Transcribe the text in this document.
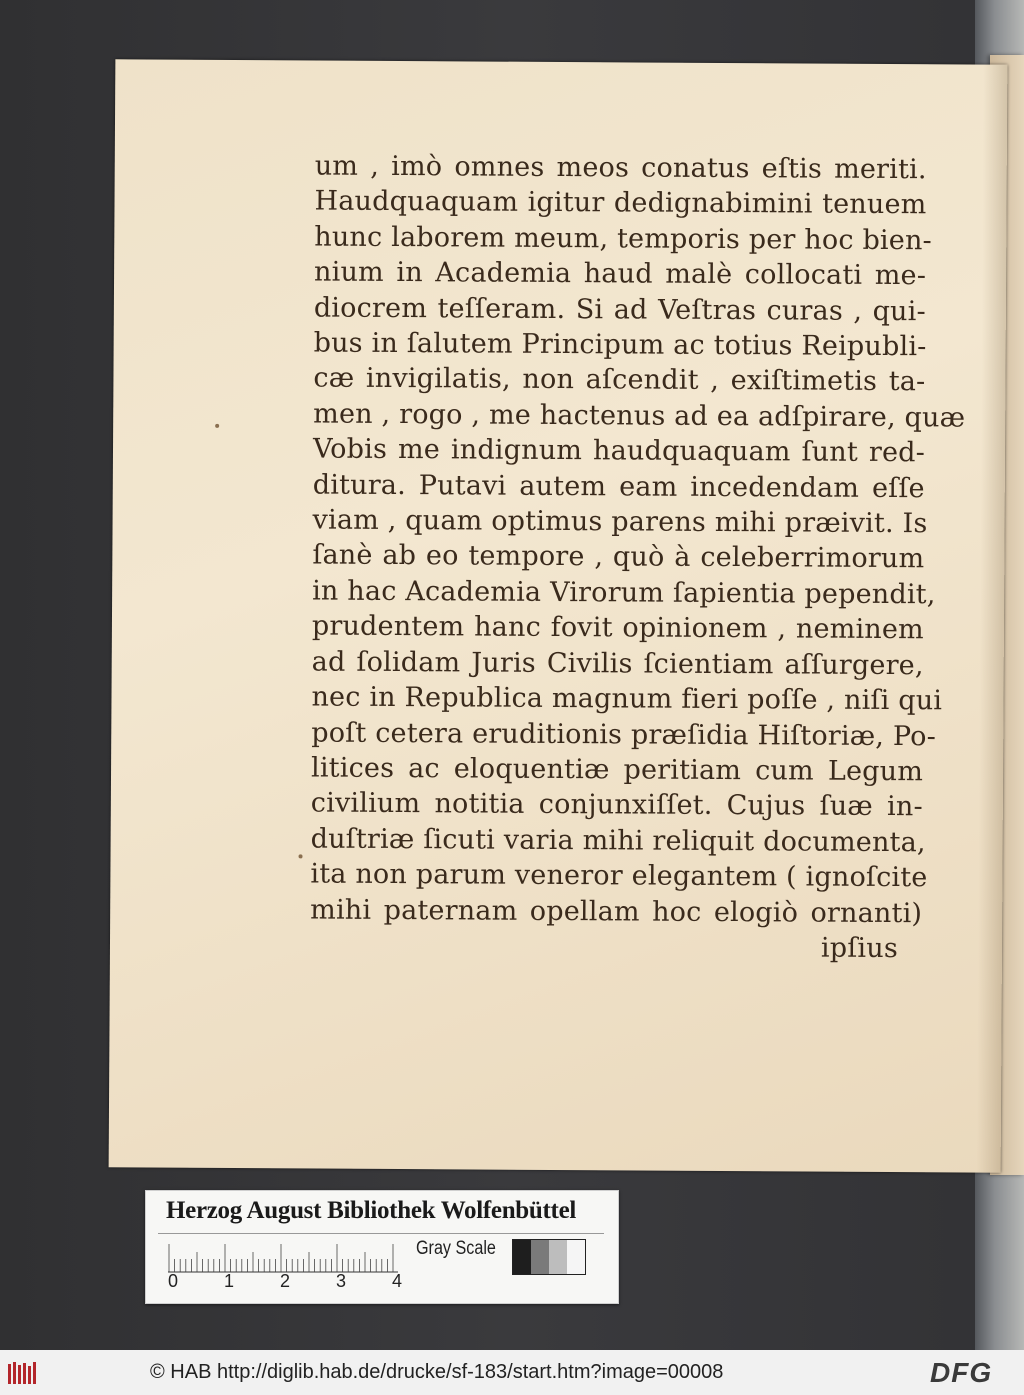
um , imò omnes meos conatus eſtis meriti.
Haudquaquam igitur dedignabimini tenuem
hunc laborem meum, temporis per hoc bien-
nium in Academia haud malè collocati me-
diocrem teſſeram. Si ad Veſtras curas , qui-
bus in ſalutem Principum ac totius Reipubli-
cæ invigilatis, non aſcendit , exiſtimetis ta-
men , rogo , me hactenus ad ea adſpirare, quæ
Vobis me indignum haudquaquam ſunt red-
ditura. Putavi autem eam incedendam eſſe
viam , quam optimus parens mihi præivit. Is
ſanè ab eo tempore , quò à celeberrimorum
in hac Academia Virorum ſapientia pependit,
prudentem hanc fovit opinionem , neminem
ad ſolidam Juris Civilis ſcientiam aſſurgere,
nec in Republica magnum fieri poſſe , niſi qui
poſt cetera eruditionis præſidia Hiſtoriæ, Po-
litices ac eloquentiæ peritiam cum Legum
civilium notitia conjunxiſſet. Cujus ſuæ in-
duſtriæ ſicuti varia mihi reliquit documenta,
ita non parum veneror elegantem ( ignoſcite
mihi paternam opellam hoc elogiò ornanti)
ipſius
Herzog August Bibliothek Wolfenbüttel
0	1	2	3	4
Gray Scale
© HAB http://diglib.hab.de/drucke/sf-183/start.htm?image=00008	DFG
